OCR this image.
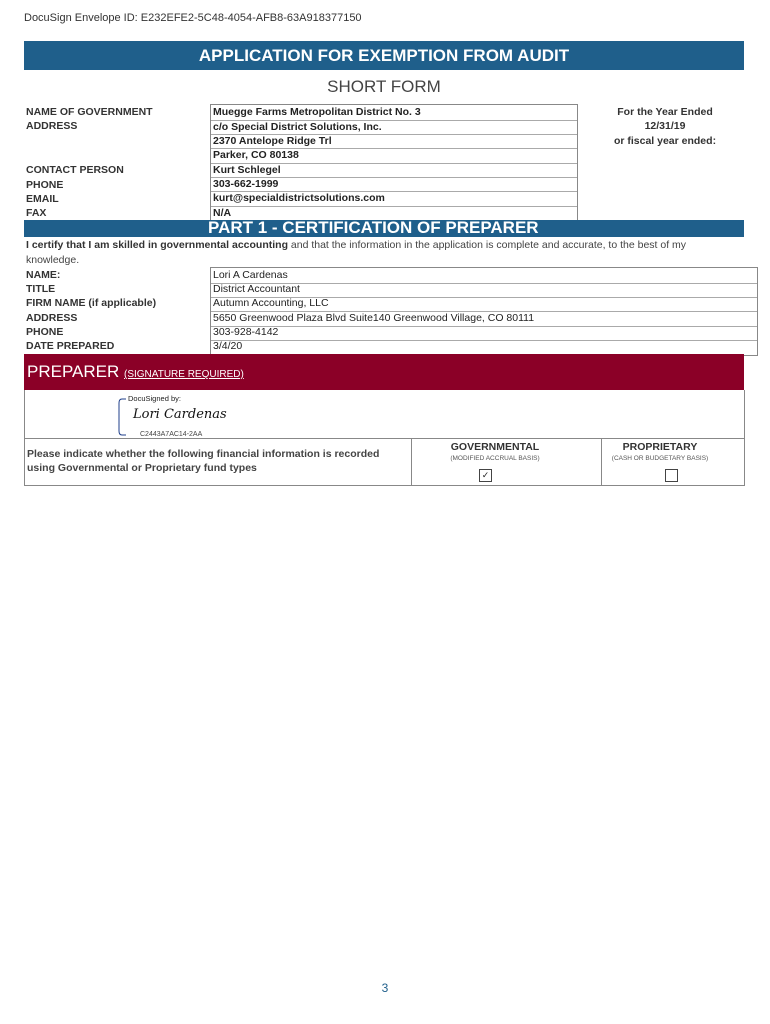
DocuSign Envelope ID: E232EFE2-5C48-4054-AFB8-63A918377150
APPLICATION FOR EXEMPTION FROM AUDIT
SHORT FORM
NAME OF GOVERNMENT
ADDRESS
CONTACT PERSON
PHONE
EMAIL
FAX
Muegge Farms Metropolitan District No. 3
c/o Special District Solutions, Inc.
2370 Antelope Ridge Trl
Parker, CO 80138
Kurt Schlegel
303-662-1999
kurt@specialdistrictsolutions.com
N/A
For the Year Ended
12/31/19
or fiscal year ended:
PART 1 - CERTIFICATION OF PREPARER
I certify that I am skilled in governmental accounting and that the information in the application is complete and accurate, to the best of my knowledge.
NAME:
TITLE
FIRM NAME (if applicable)
ADDRESS
PHONE
DATE PREPARED
Lori A Cardenas
District Accountant
Autumn Accounting, LLC
5650 Greenwood Plaza Blvd Suite140 Greenwood Village, CO 80111
303-928-4142
3/4/20
PREPARER (SIGNATURE REQUIRED)
DocuSigned by:
Lori Cardenas
C2443A7AC14-2AA
Please indicate whether the following financial information is recorded using Governmental or Proprietary fund types
GOVERNMENTAL
(MODIFIED ACCRUAL BASIS)
✓
PROPRIETARY
(CASH OR BUDGETARY BASIS)
3
